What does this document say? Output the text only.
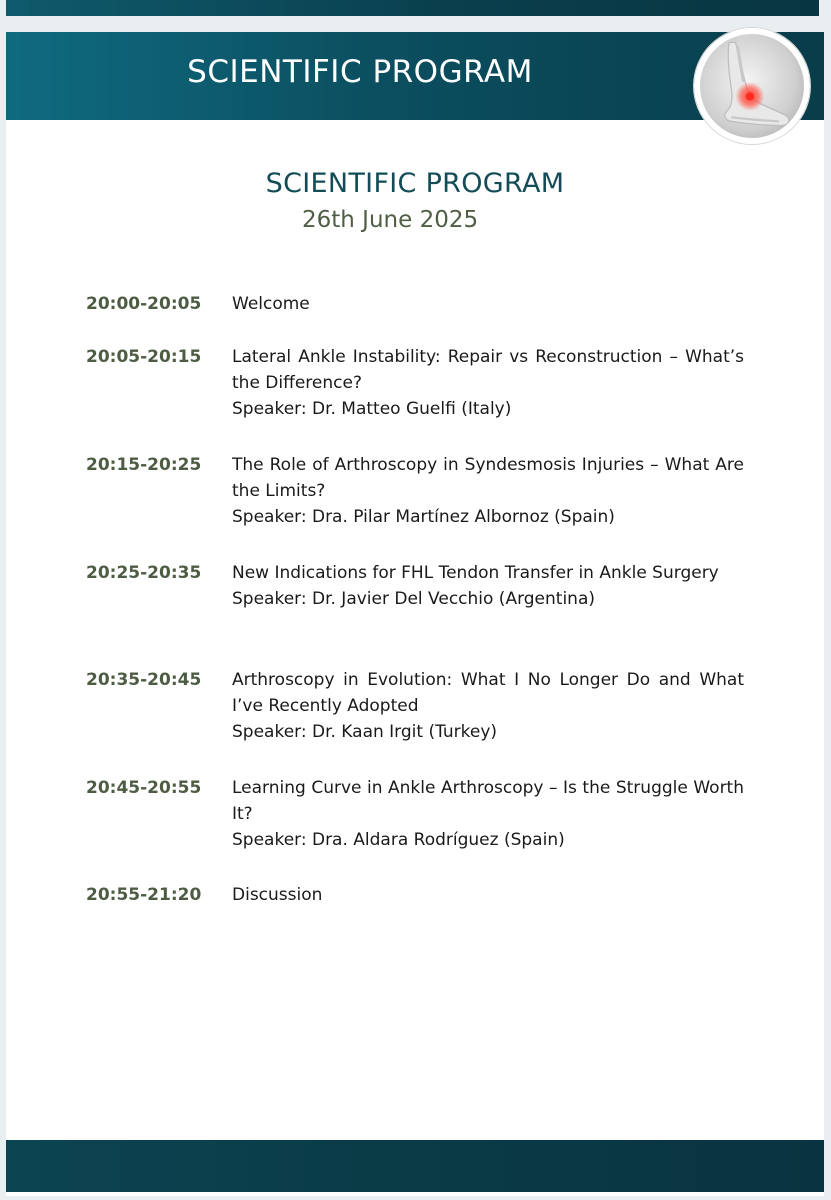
SCIENTIFIC PROGRAM
SCIENTIFIC PROGRAM
26th June 2025
20:00-20:05	Welcome
20:05-20:15	Lateral Ankle Instability: Repair vs Reconstruction – What’s the Difference?
Speaker: Dr. Matteo Guelfi (Italy)
20:15-20:25	The Role of Arthroscopy in Syndesmosis Injuries – What Are the Limits?
Speaker: Dra. Pilar Martínez Albornoz (Spain)
20:25-20:35	New Indications for FHL Tendon Transfer in Ankle Surgery
Speaker: Dr. Javier Del Vecchio (Argentina)
20:35-20:45	Arthroscopy in Evolution: What I No Longer Do and What I’ve Recently Adopted
Speaker: Dr. Kaan Irgit (Turkey)
20:45-20:55	Learning Curve in Ankle Arthroscopy – Is the Struggle Worth It?
Speaker: Dra. Aldara Rodríguez (Spain)
20:55-21:20	Discussion
